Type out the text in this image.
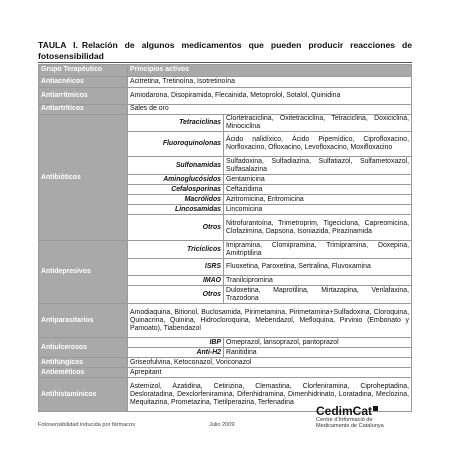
TAULA I. Relación de algunos medicamentos que pueden producir reacciones de fotosensibilidad
Grupo Terapéutico	Principios activos	
Antiacnéicos	Acitretina, Tretinoína, Isotretinoína	
Antiarrítmicos	Amiodarona, Disopiramida, Flecainida, Metoprolol, Sotalol, Quinidina	
Antiartríticos	Sales de oro	
Antibióticos	Tetraciclinas	Clortetraciclina, Oxitetraciclina, Tetraciclina, Doxiciclina, Minociclina
	Fluoroquinolonas	Ácido nalidíxico, Ácido Pipemídico, Ciprofloxacino, Norfloxacino, Ofloxacino, Levofloxacino, Moxifloxacino
	Sulfonamidas	Sulfadoxina, Sulfadiazina, Sulfatiazol, Sulfametoxazol, Sulfasalazina
	Aminoglucósidos	Gentamicina
	Cefalosporinas	Ceftazidima
	Macrólidos	Azitromicina, Eritromicina
	Lincosamidas	Lincomicina
	Otros	Nitrofurantoína, Trimetroprim, Tigeciclona, Capreomicina, Clofazimina, Dapsona, Isoniazida, Pirazinamida
Antidepresivos	Tricíclicos	Imipramina, Clomipramina, Trimipramina, Doxepina, Amitriptilina
	ISRS	Fluoxetina, Paroxetina, Sertralina, Fluvoxamina
	IMAO	Tranilcipromina
	Otros	Duloxetina, Maprotilina, Mirtazapina, Venlafaxina, Trazodona
Antiparasitarios	Amodiaquina, Bitionol, Buclosamida, Pirimetamina, Pirimetamina+Sulfadoxina, Cloroquina, Quinacrina, Quinina, Hidrocloroquina, Mebendazol, Mefloquina, Pirvinio (Embonato y Pamoato), Tiabendazol	
Antiulcerosos	IBP	Omeprazol, lansoprazol, pantoprazol
	Anti-H2	Ranitidina
Antifúngicos	Griseofulvina, Ketoconazol, Voriconazol	
Antieméticos	Aprepitant	
Antihistamínicos	Astemizol, Azatidina, Cetirizina, Clemastina, Clorfeniramina, Ciproheptadina, Desloratadina, Dexclorfeniramina, Difenhidramina, Dimenhidrinato, Loratadina, Meclozina, Mequitazina, Prometazina, Tietilperazina, Terfenadina	
Fotosensibilidad inducida por fármacos	Julio 2009
CedimCat
Centre d’Informació de
Medicaments de Catalunya
